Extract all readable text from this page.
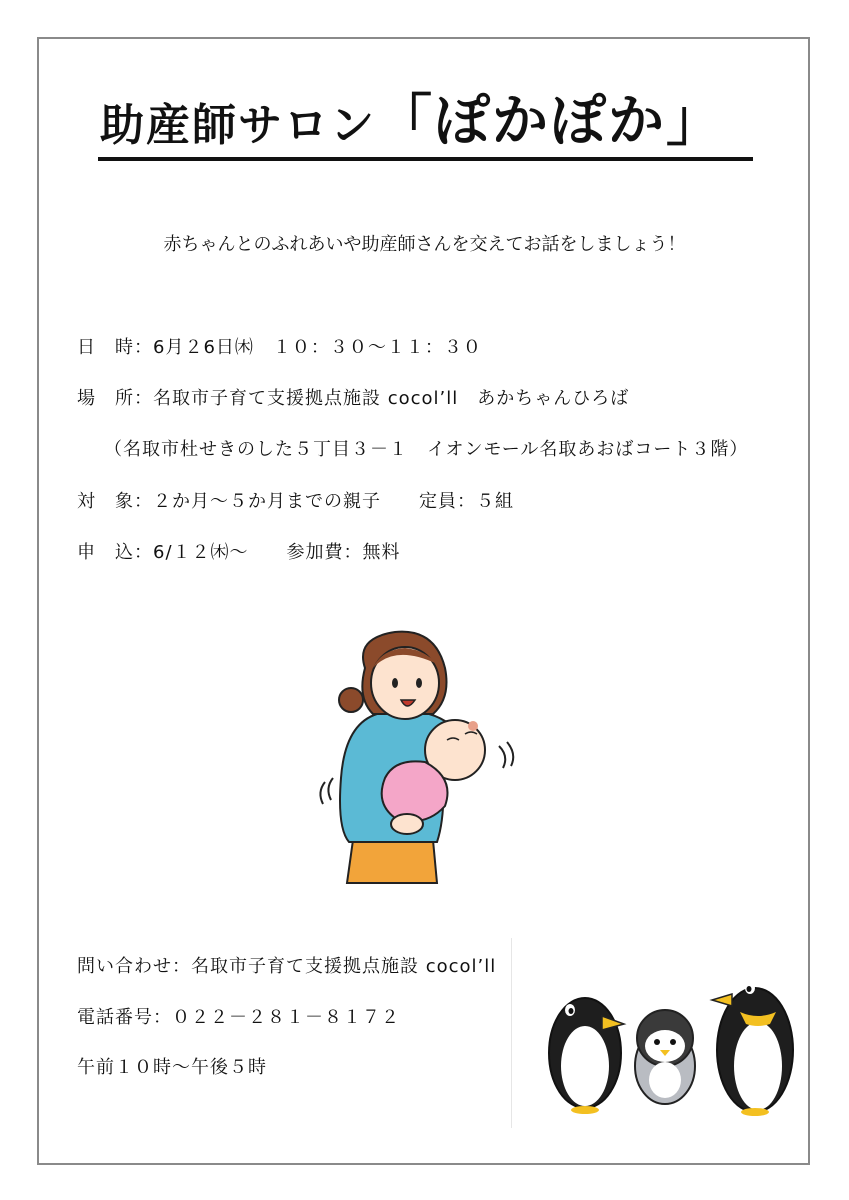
助産師サロン「ぽかぽか」
赤ちゃんとのふれあいや助産師さんを交えてお話をしましょう！
日　時：6月２6日㈭　１０：３０～１１：３０
場　所：名取市子育て支援拠点施設 cocol’ll　あかちゃんひろば
（名取市杜せきのした５丁目３－１　イオンモール名取あおばコート３階）
対　象：２か月～５か月までの親子　　定員：５組
申　込：6/１２㈭～　　参加費：無料
問い合わせ：名取市子育て支援拠点施設 cocol’ll
電話番号：０２２－２８１－８１７２
午前１０時～午後５時
